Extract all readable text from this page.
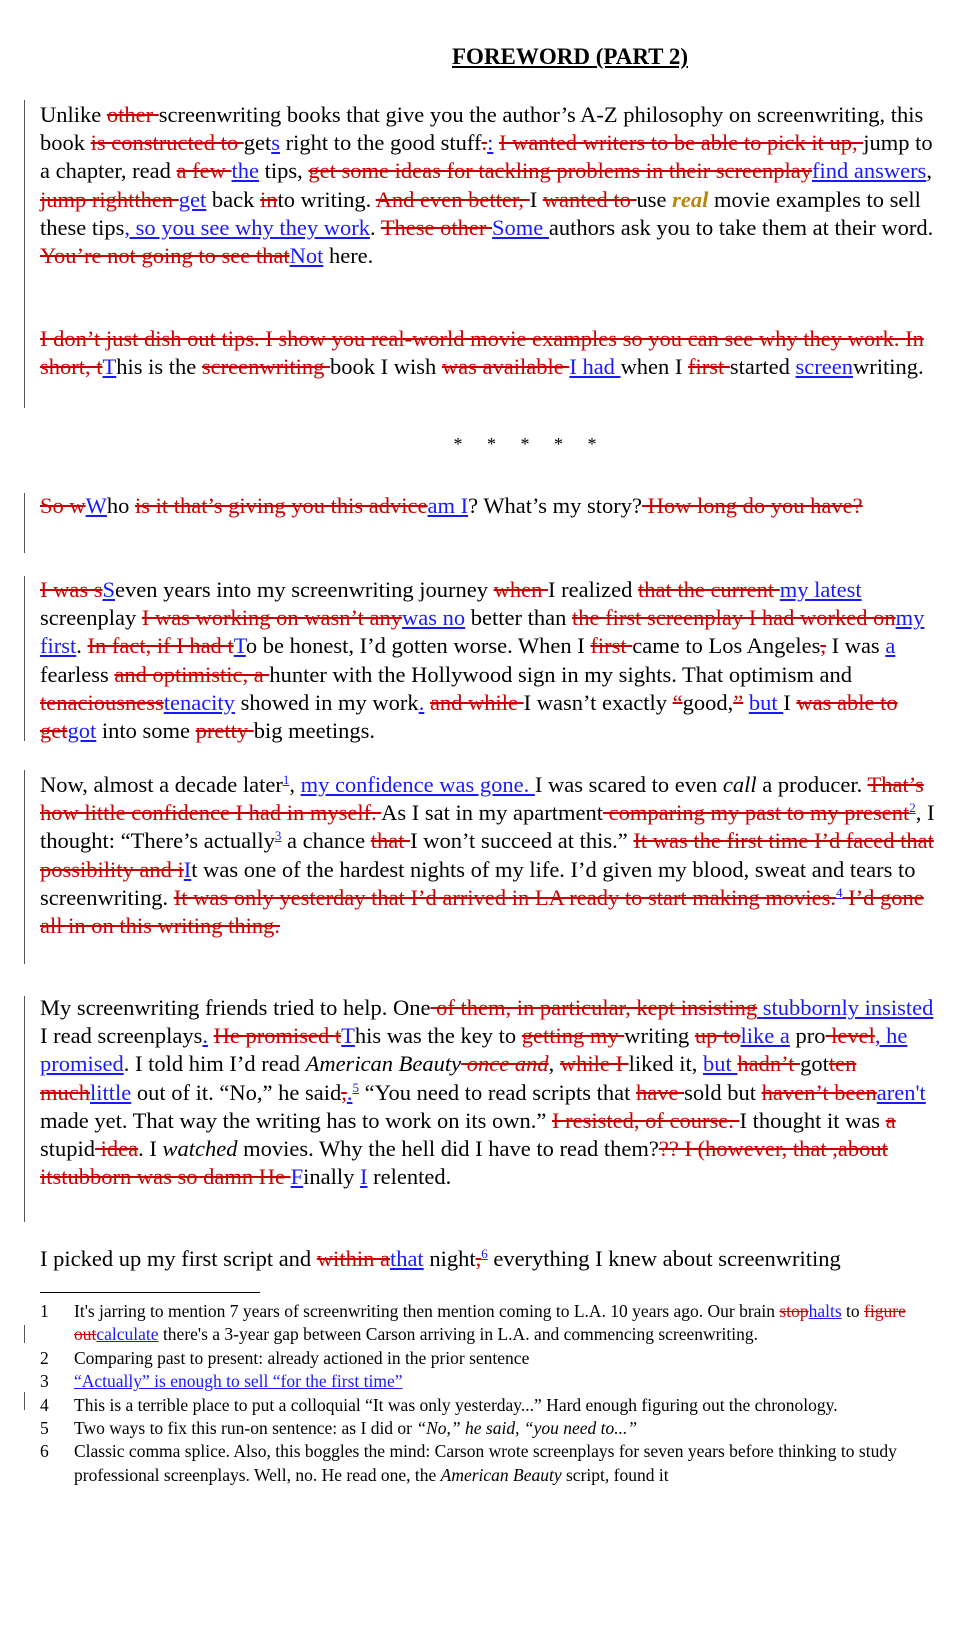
FOREWORD (PART 2)
Unlike other screenwriting books that give you the author’s A-Z philosophy on screenwriting, this book is constructed to gets right to the good stuff.: I wanted writers to be able to pick it up, jump to a chapter, read a few the tips, get some ideas for tackling problems in their screenplayfind answers, jump rightthen get back into writing. And even better, I wanted to use real movie examples to sell these tips, so you see why they work. These other Some authors ask you to take them at their word. You’re not going to see thatNot here.
I don’t just dish out tips. I show you real-world movie examples so you can see why they work. In short, tThis is the screenwriting book I wish was available I had when I first started screenwriting.
* * * * *
So wWho is it that’s giving you this adviceam I? What’s my story? How long do you have?
I was sSeven years into my screenwriting journey when I realized that the current my latest screenplay I was working on wasn’t anywas no better than the first screenplay I had worked onmy first. In fact, if I had tTo be honest, I’d gotten worse. When I first came to Los Angeles, I was a fearless and optimistic, a hunter with the Hollywood sign in my sights. That optimism and tenaciousnesstenacity showed in my work. and while I wasn’t exactly “good,” but I was able to getgot into some pretty big meetings.
Now, almost a decade later$^1$, my confidence was gone. I was scared to even call a producer. That’s how little confidence I had in myself. As I sat in my apartment comparing my past to my present$^2$, I thought: “There’s actually$^3$ a chance that I won’t succeed at this.” It was the first time I’d faced that possibility and iIt was one of the hardest nights of my life. I’d given my blood, sweat and tears to screenwriting. It was only yesterday that I’d arrived in LA ready to start making movies.$^4$ I’d gone all in on this writing thing.
My screenwriting friends tried to help. One of them, in particular, kept insisting stubbornly insisted I read screenplays. He promised tThis was the key to getting my writing up tolike a pro level, he promised. I told him I’d read American Beauty once and, while I liked it, but hadn’t gotten muchlittle out of it. “No,” he said,.$^5$ “You need to read scripts that have sold but haven’t beenaren't made yet. That way the writing has to work on its own.” I resisted, of course. I thought it was a stupid idea. I watched movies. Why the hell did I have to read them??? I (however, that ,about itstubborn was so damn He Finally I relented.
I picked up my first script and within athat night,$^6$ everything I knew about screenwriting
1 It's jarring to mention 7 years of screenwriting then mention coming to L.A. 10 years ago. Our brain stophalts to figure outcalculate there's a 3-year gap between Carson arriving in L.A. and commencing screenwriting.
2 Comparing past to present: already actioned in the prior sentence
3 “Actually” is enough to sell “for the first time”
4 This is a terrible place to put a colloquial “It was only yesterday...” Hard enough figuring out the chronology.
5 Two ways to fix this run-on sentence: as I did or “No,” he said, “you need to...”
6 Classic comma splice. Also, this boggles the mind: Carson wrote screenplays for seven years before thinking to study professional screenplays. Well, no. He read one, the American Beauty script, found it
